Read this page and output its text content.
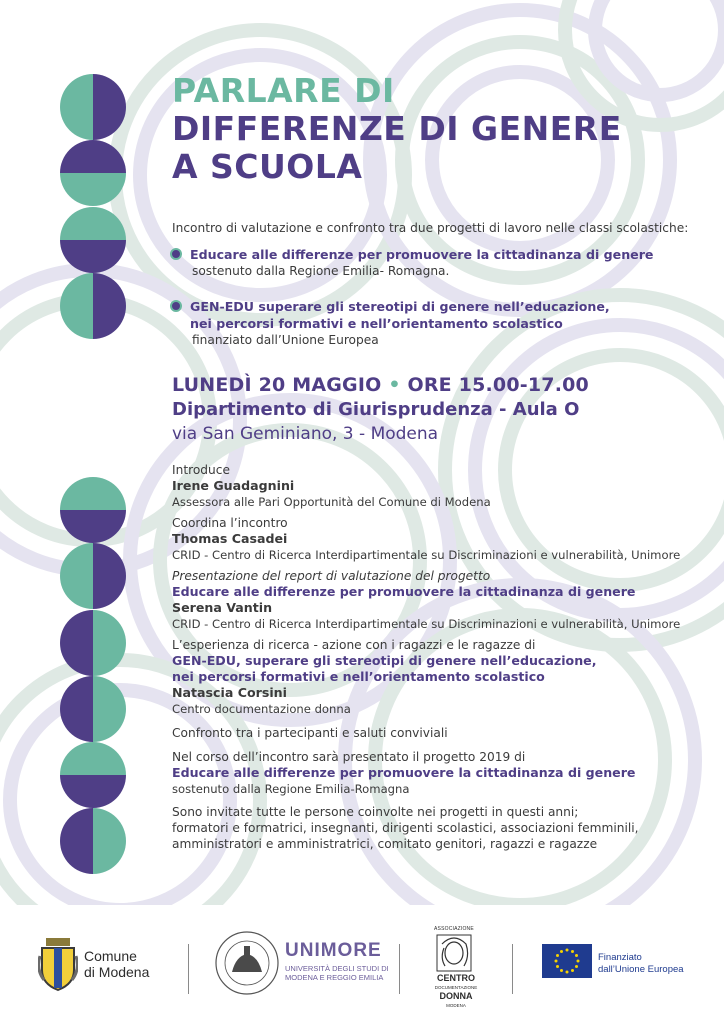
PARLARE DI
DIFFERENZE DI GENERE
A SCUOLA
Incontro di valutazione e confronto tra due progetti di lavoro nelle classi scolastiche:
Educare alle differenze per promuovere la cittadinanza di genere
sostenuto dalla Regione Emilia- Romagna.
GEN-EDU superare gli stereotipi di genere nell’educazione,
nei percorsi formativi e nell’orientamento scolastico
finanziato dall’Unione Europea
LUNEDÌ 20 MAGGIO • ORE 15.00-17.00
Dipartimento di Giurisprudenza - Aula O
via San Geminiano, 3 - Modena
Introduce
Irene Guadagnini
Assessora alle Pari Opportunità del Comune di Modena
Coordina l’incontro
Thomas Casadei
CRID - Centro di Ricerca Interdipartimentale su Discriminazioni e vulnerabilità, Unimore
Presentazione del report di valutazione del progetto
Educare alle differenze per promuovere la cittadinanza di genere
Serena Vantin
CRID - Centro di Ricerca Interdipartimentale su Discriminazioni e vulnerabilità, Unimore
L’esperienza di ricerca - azione con i ragazzi e le ragazze di
GEN-EDU, superare gli stereotipi di genere nell’educazione,
nei percorsi formativi e nell’orientamento scolastico
Natascia Corsini
Centro documentazione donna
Confronto tra i partecipanti e saluti conviviali
Nel corso dell’incontro sarà presentato il progetto 2019 di
Educare alle differenze per promuovere la cittadinanza di genere
sostenuto dalla Regione Emilia-Romagna
Sono invitate tutte le persone coinvolte nei progetti in questi anni;
formatori e formatrici, insegnanti, dirigenti scolastici, associazioni femminili,
amministratori e amministratrici, comitato genitori, ragazzi e ragazze
Comune
di Modena
UNIMORE
UNIVERSITÀ DEGLI STUDI DI
MODENA E REGGIO EMILIA
ASSOCIAZIONE
CENTRO
DOCUMENTAZIONE
DONNA
MODENA
Finanziato
dall’Unione Europea
